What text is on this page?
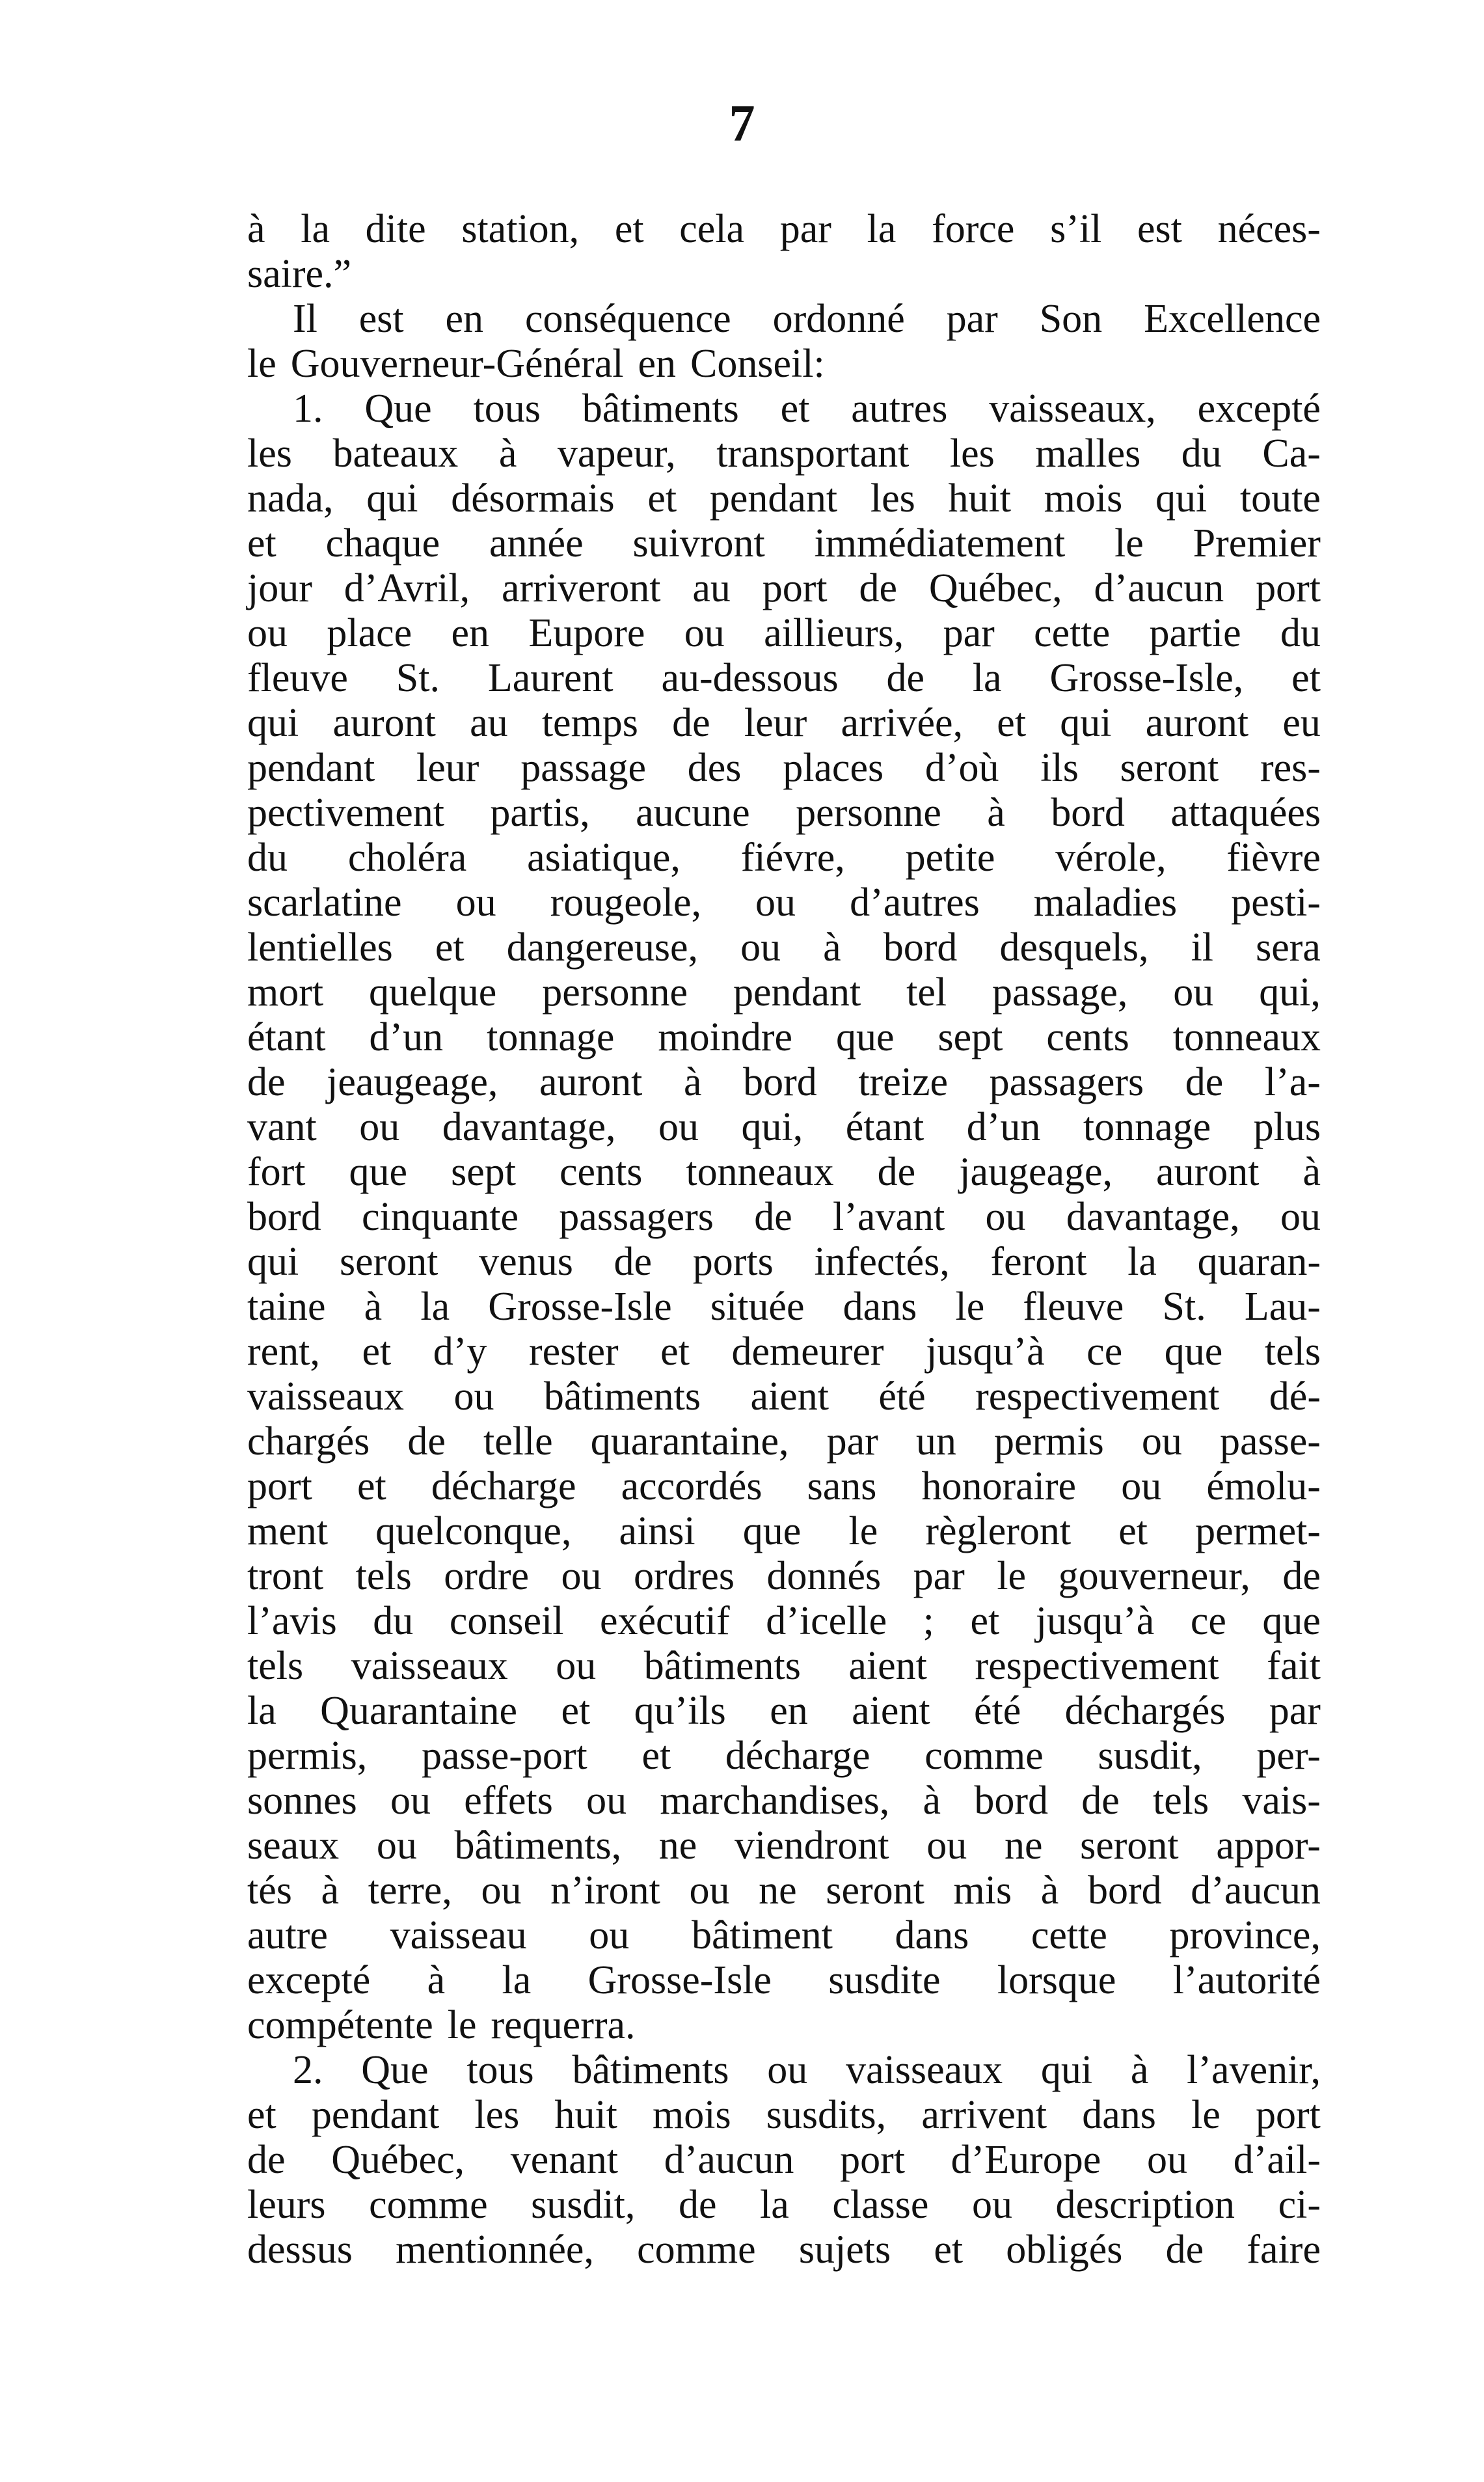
7
à la dite station, et cela par la force s’il est néces-
saire.”
Il est en conséquence ordonné par Son Excellence
le Gouverneur-Général en Conseil:
1. Que tous bâtiments et autres vaisseaux, excepté
les bateaux à vapeur, transportant les malles du Ca-
nada, qui désormais et pendant les huit mois qui toute
et chaque année suivront immédiatement le Premier
jour d’Avril, arriveront au port de Québec, d’aucun port
ou place en Eupore ou aillieurs, par cette partie du
fleuve St. Laurent au-dessous de la Grosse-Isle, et
qui auront au temps de leur arrivée, et qui auront eu
pendant leur passage des places d’où ils seront res-
pectivement partis, aucune personne à bord attaquées
du choléra asiatique, fiévre, petite vérole, fièvre
scarlatine ou rougeole, ou d’autres maladies pesti-
lentielles et dangereuse, ou à bord desquels, il sera
mort quelque personne pendant tel passage, ou qui,
étant d’un tonnage moindre que sept cents tonneaux
de jeaugeage, auront à bord treize passagers de l’a-
vant ou davantage, ou qui, étant d’un tonnage plus
fort que sept cents tonneaux de jaugeage, auront à
bord cinquante passagers de l’avant ou davantage, ou
qui seront venus de ports infectés, feront la quaran-
taine à la Grosse-Isle située dans le fleuve St. Lau-
rent, et d’y rester et demeurer jusqu’à ce que tels
vaisseaux ou bâtiments aient été respectivement dé-
chargés de telle quarantaine, par un permis ou passe-
port et décharge accordés sans honoraire ou émolu-
ment quelconque, ainsi que le règleront et permet-
tront tels ordre ou ordres donnés par le gouverneur, de
l’avis du conseil exécutif d’icelle ; et jusqu’à ce que
tels vaisseaux ou bâtiments aient respectivement fait
la Quarantaine et qu’ils en aient été déchargés par
permis, passe-port et décharge comme susdit, per-
sonnes ou effets ou marchandises, à bord de tels vais-
seaux ou bâtiments, ne viendront ou ne seront appor-
tés à terre, ou n’iront ou ne seront mis à bord d’aucun
autre vaisseau ou bâtiment dans cette province,
excepté à la Grosse-Isle susdite lorsque l’autorité
compétente le requerra.
2. Que tous bâtiments ou vaisseaux qui à l’avenir,
et pendant les huit mois susdits, arrivent dans le port
de Québec, venant d’aucun port d’Europe ou d’ail-
leurs comme susdit, de la classe ou description ci-
dessus mentionnée, comme sujets et obligés de faire
